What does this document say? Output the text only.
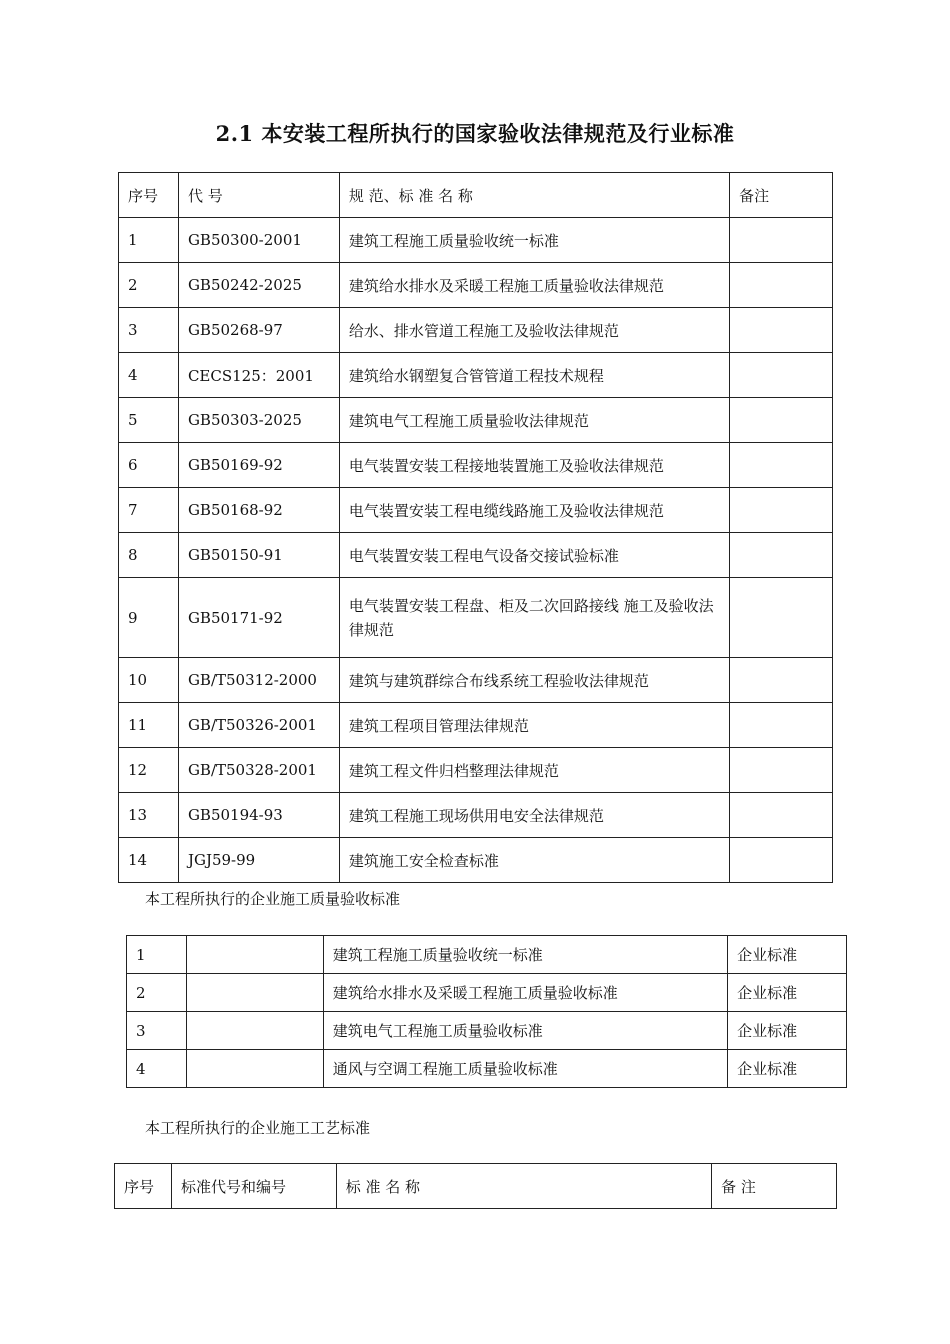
2.1 本安装工程所执行的国家验收法律规范及行业标准
序号	代 号	规 范、标 准 名 称	备注
1	GB50300-2001	建筑工程施工质量验收统一标准	
2	GB50242-2025	建筑给水排水及采暖工程施工质量验收法律规范	
3	GB50268-97	给水、排水管道工程施工及验收法律规范	
4	CECS125：2001	建筑给水钢塑复合管管道工程技术规程	
5	GB50303-2025	建筑电气工程施工质量验收法律规范	
6	GB50169-92	电气装置安装工程接地装置施工及验收法律规范	
7	GB50168-92	电气装置安装工程电缆线路施工及验收法律规范	
8	GB50150-91	电气装置安装工程电气设备交接试验标准	
9	GB50171-92	电气装置安装工程盘、柜及二次回路接线 施工及验收法律规范	
10	GB/T50312-2000	建筑与建筑群综合布线系统工程验收法律规范	
11	GB/T50326-2001	建筑工程项目管理法律规范	
12	GB/T50328-2001	建筑工程文件归档整理法律规范	
13	GB50194-93	建筑工程施工现场供用电安全法律规范	
14	JGJ59-99	建筑施工安全检查标准	
本工程所执行的企业施工质量验收标准
1		建筑工程施工质量验收统一标准	企业标准
2		建筑给水排水及采暖工程施工质量验收标准	企业标准
3		建筑电气工程施工质量验收标准	企业标准
4		通风与空调工程施工质量验收标准	企业标准
本工程所执行的企业施工工艺标准
序号	标准代号和编号	标 准 名 称	备 注
